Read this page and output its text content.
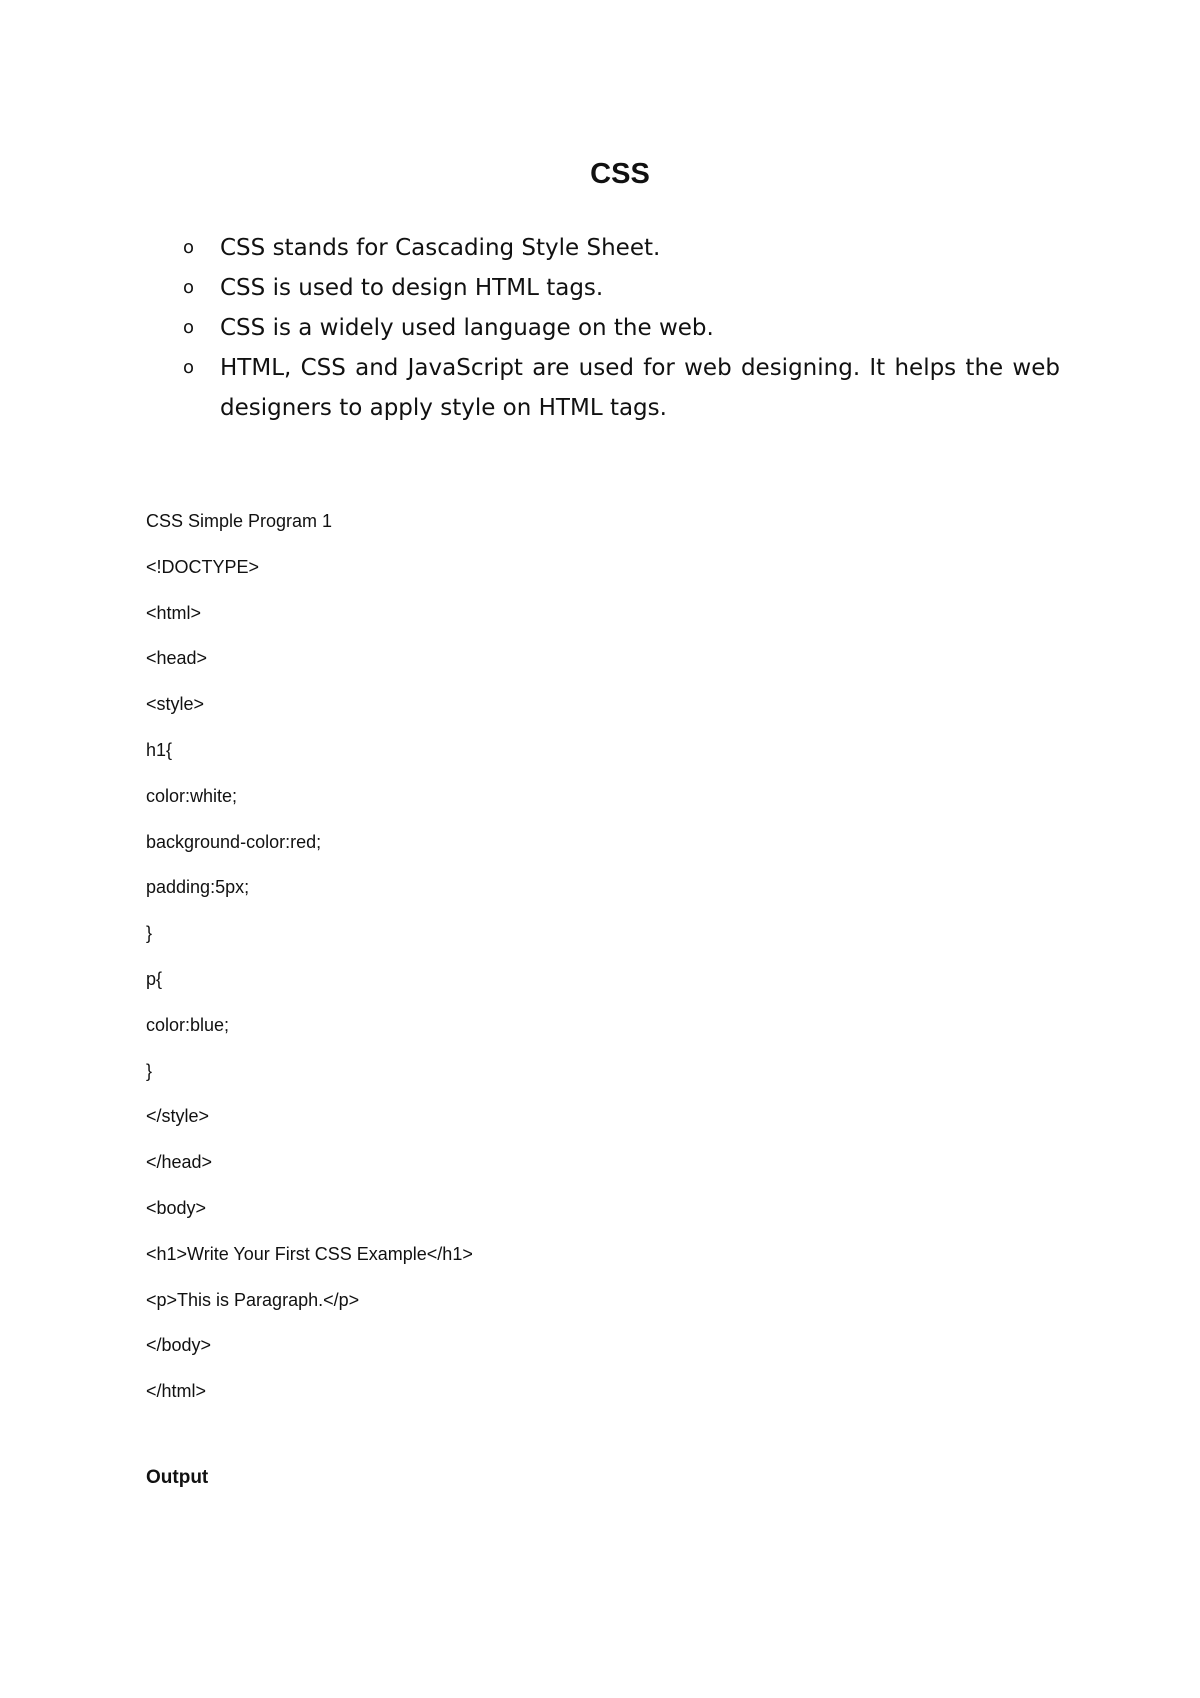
CSS
o CSS stands for Cascading Style Sheet.
o CSS is used to design HTML tags.
o CSS is a widely used language on the web.
o HTML, CSS and JavaScript are used for web designing. It helps the web designers to apply style on HTML tags.
CSS Simple Program 1
<!DOCTYPE>
<html>
<head>
<style>
h1{
color:white;
background-color:red;
padding:5px;
}
p{
color:blue;
}
</style>
</head>
<body>
<h1>Write Your First CSS Example</h1>
<p>This is Paragraph.</p>
</body>
</html>

Output
